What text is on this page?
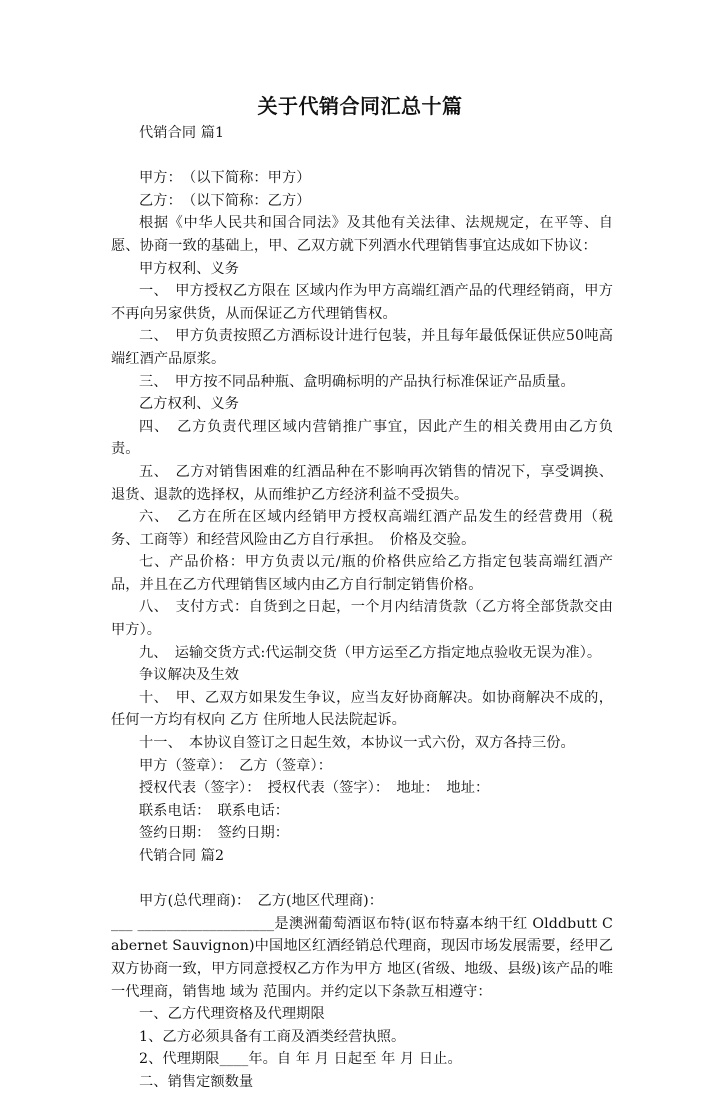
关于代销合同汇总十篇

代销合同 篇1

甲方：　（以下简称：甲方）

乙方：　（以下简称：乙方）

根据《中华人民共和国合同法》及其他有关法律、法规规定，在平等、自愿、协商一致的基础上，甲、乙双方就下列酒水代理销售事宜达成如下协议：

甲方权利、义务

一、　甲方授权乙方限在 区域内作为甲方高端红酒产品的代理经销商，甲方不再向另家供货，从而保证乙方代理销售权。

二、　甲方负责按照乙方酒标设计进行包装，并且每年最低保证供应50吨高端红酒产品原浆。

三、　甲方按不同品种瓶、盒明确标明的产品执行标准保证产品质量。

乙方权利、义务

四、　乙方负责代理区域内营销推广事宜，因此产生的相关费用由乙方负责。

五、　乙方对销售困难的红酒品种在不影响再次销售的情况下，享受调换、退货、退款的选择权，从而维护乙方经济利益不受损失。

六、　乙方在所在区域内经销甲方授权高端红酒产品发生的经营费用（税务、工商等）和经营风险由乙方自行承担。　价格及交验。

七、产品价格：甲方负责以元/瓶的价格供应给乙方指定包装高端红酒产品，并且在乙方代理销售区域内由乙方自行制定销售价格。

八、　支付方式：自货到之日起，一个月内结清货款（乙方将全部货款交由甲方）。

九、　运输交货方式:代运制交货（甲方运至乙方指定地点验收无误为准）。

争议解决及生效

十、　甲、乙双方如果发生争议，应当友好协商解决。如协商解决不成的，任何一方均有权向 乙方 住所地人民法院起诉。

十一、　本协议自签订之日起生效，本协议一式六份，双方各持三份。

甲方（签章）：　乙方（签章）：

授权代表（签字）：　授权代表（签字）：　地址：　地址：

联系电话：　联系电话：

签约日期：　签约日期：

代销合同 篇2

甲方(总代理商)：　乙方(地区代理商)：

___ ___________________是澳洲葡萄酒讴布特(讴布特嘉本纳干红 Olddbutt Cabernet Sauvignon)中国地区红酒经销总代理商，现因市场发展需要，经甲乙双方协商一致，甲方同意授权乙方作为甲方 地区(省级、地级、县级)该产品的唯一代理商，销售地 域为 范围内。并约定以下条款互相遵守：

一、乙方代理资格及代理期限

1、乙方必须具备有工商及酒类经营执照。

2、代理期限____年。自 年 月 日起至 年 月 日止。

二、销售定额数量
